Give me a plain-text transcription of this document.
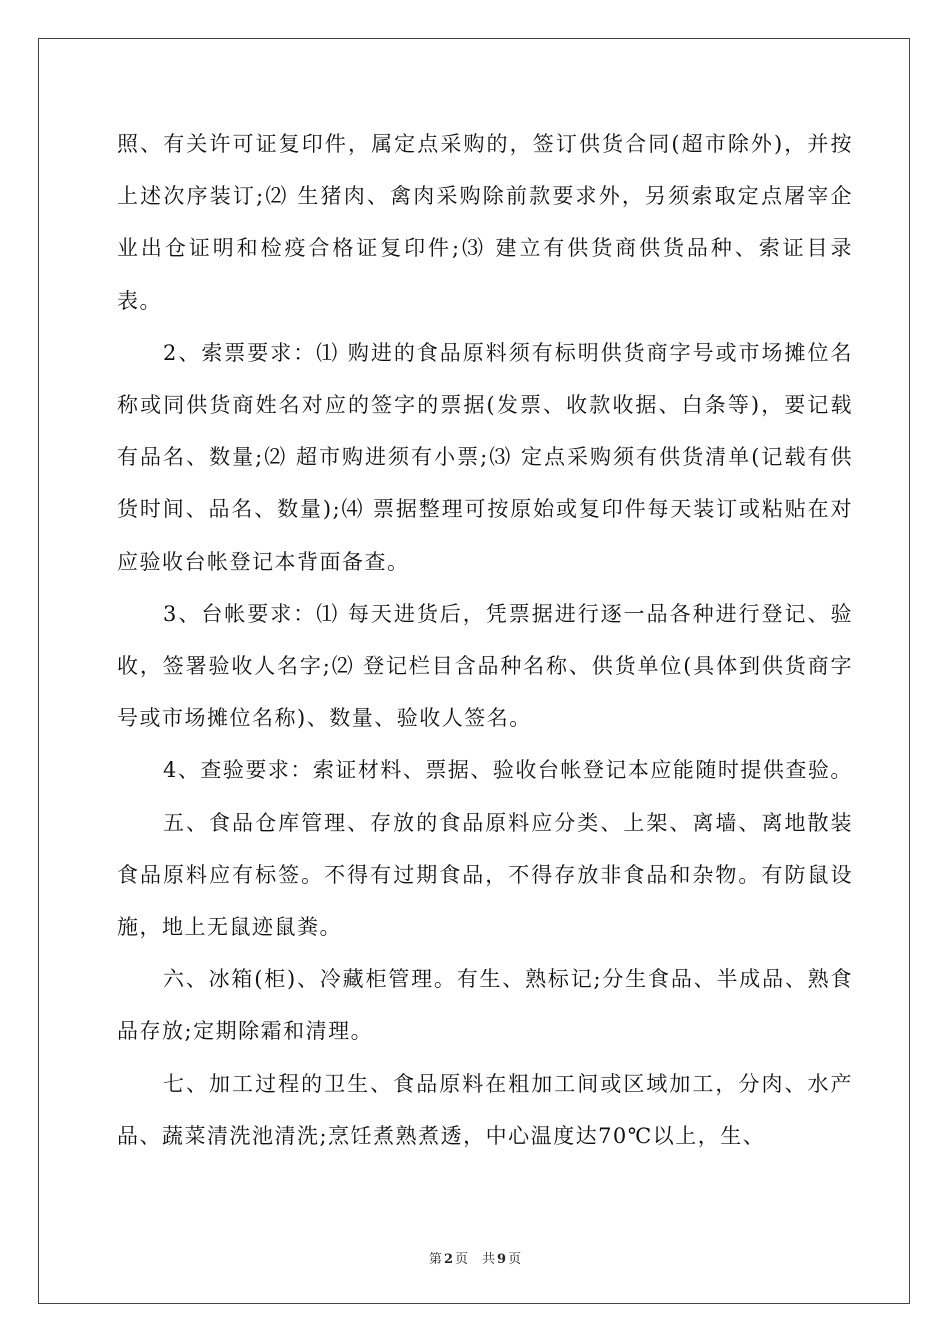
照、有关许可证复印件，属定点采购的，签订供货合同(超市除外)，并按上述次序装订;⑵ 生猪肉、禽肉采购除前款要求外，另须索取定点屠宰企业出仓证明和检疫合格证复印件;⑶ 建立有供货商供货品种、索证目录表。

2、索票要求：⑴ 购进的食品原料须有标明供货商字号或市场摊位名称或同供货商姓名对应的签字的票据(发票、收款收据、白条等)，要记载有品名、数量;⑵ 超市购进须有小票;⑶ 定点采购须有供货清单(记载有供货时间、品名、数量);⑷ 票据整理可按原始或复印件每天装订或粘贴在对应验收台帐登记本背面备查。

3、台帐要求：⑴ 每天进货后，凭票据进行逐一品各种进行登记、验收，签署验收人名字;⑵ 登记栏目含品种名称、供货单位(具体到供货商字号或市场摊位名称)、数量、验收人签名。

4、查验要求：索证材料、票据、验收台帐登记本应能随时提供查验。

五、食品仓库管理、存放的食品原料应分类、上架、离墙、离地散装食品原料应有标签。不得有过期食品，不得存放非食品和杂物。有防鼠设施，地上无鼠迹鼠粪。

六、冰箱(柜)、冷藏柜管理。有生、熟标记;分生食品、半成品、熟食品存放;定期除霜和清理。

七、加工过程的卫生、食品原料在粗加工间或区域加工，分肉、水产品、蔬菜清洗池清洗;烹饪煮熟煮透，中心温度达70℃以上，生、

第 2 页 共 9 页
